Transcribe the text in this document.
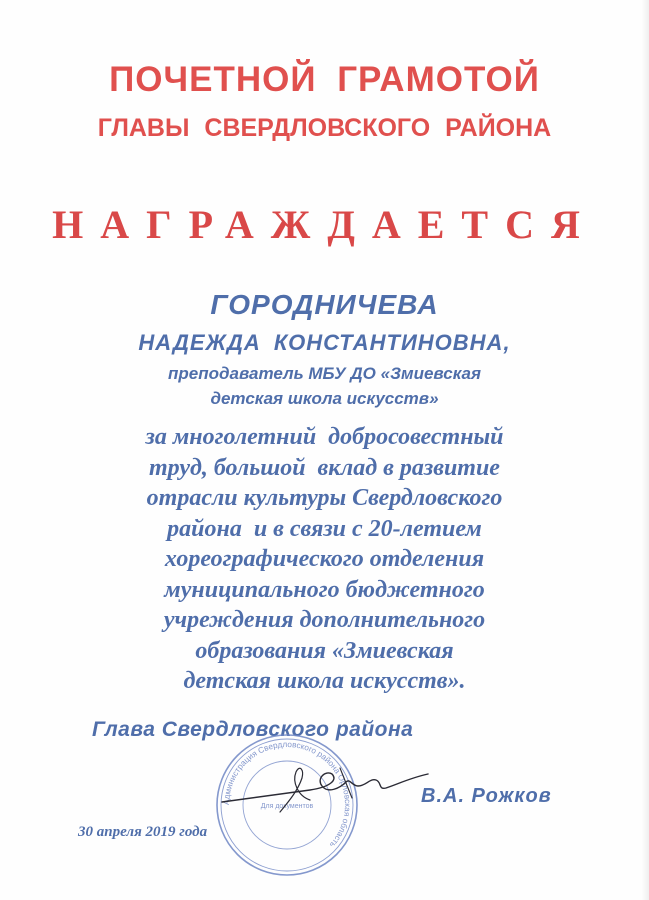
ПОЧЕТНОЙ ГРАМОТОЙ
ГЛАВЫ СВЕРДЛОВСКОГО РАЙОНА
НАГРАЖДАЕТСЯ
ГОРОДНИЧЕВА
НАДЕЖДА КОНСТАНТИНОВНА,
преподаватель МБУ ДО «Змиевская
детская школа искусств»
за многолетний  добросовестный
труд, большой  вклад в развитие
отрасли культуры Свердловского
района  и в связи с 20-летием
хореографического отделения
муниципального бюджетного
учреждения дополнительного
образования «Змиевская
детская школа искусств».
Глава Свердловского района
Администрация Свердловского района Орловская область
Для документов	В.А. Рожков
30 апреля 2019 года
